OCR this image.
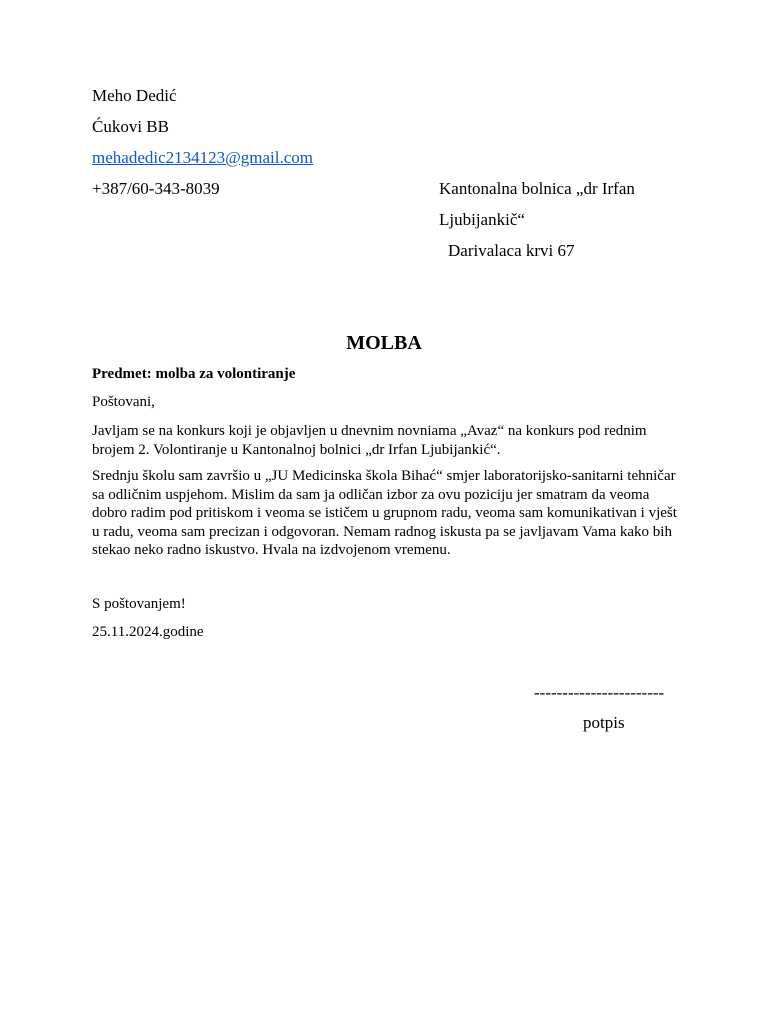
Meho Dedić
Ćukovi BB
mehadedic2134123@gmail.com
+387/60-343-8039	Kantonalna bolnica „dr Irfan
Ljubijankič“
Darivalaca krvi 67
MOLBA
Predmet: molba za volontiranje
Poštovani,
Javljam se na konkurs koji je objavljen u dnevnim novniama „Avaz“ na konkurs pod rednim brojem 2. Volontiranje u Kantonalnoj bolnici „dr Irfan Ljubijankić“.
Srednju školu sam završio u „JU Medicinska škola Bihać“ smjer laboratorijsko-sanitarni tehničar sa odličnim uspjehom. Mislim da sam ja odličan izbor za ovu poziciju jer smatram da veoma dobro radim pod pritiskom i veoma se ističem u grupnom radu, veoma sam komunikativan i vješt u radu, veoma sam precizan i odgovoran. Nemam radnog iskusta pa se javljavam Vama kako bih stekao neko radno iskustvo. Hvala na izdvojenom vremenu.
S poštovanjem!
25.11.2024.godine
-----------------------
potpis
